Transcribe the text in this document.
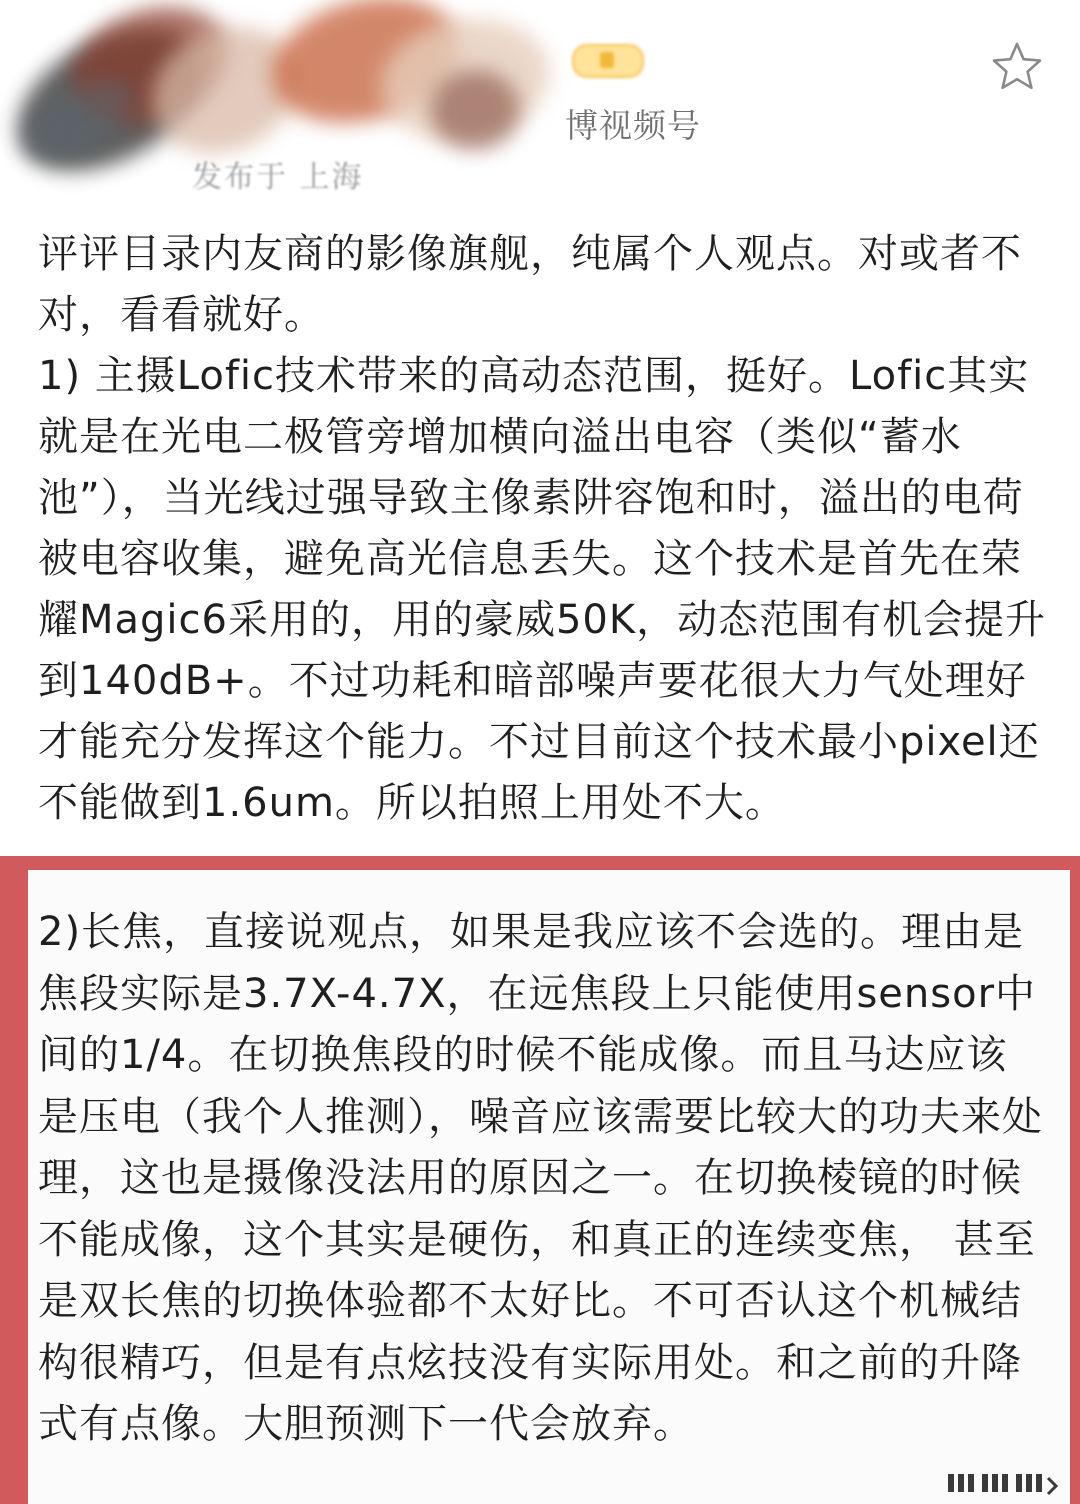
博视频号
发布于 上海

评评目录内友商的影像旗舰，纯属个人观点。对或者不对，看看就好。

1) 主摄Lofic技术带来的高动态范围，挺好。Lofic其实就是在光电二极管旁增加横向溢出电容（类似“蓄水池”），当光线过强导致主像素阱容饱和时，溢出的电荷被电容收集，避免高光信息丢失。这个技术是首先在荣耀Magic6采用的，用的豪威50K，动态范围有机会提升到140dB+。不过功耗和暗部噪声要花很大力气处理好才能充分发挥这个能力。不过目前这个技术最小pixel还不能做到1.6um。所以拍照上用处不大。

2)长焦，直接说观点，如果是我应该不会选的。理由是焦段实际是3.7X-4.7X，在远焦段上只能使用sensor中间的1/4。在切换焦段的时候不能成像。而且马达应该是压电（我个人推测），噪音应该需要比较大的功夫来处理，这也是摄像没法用的原因之一。在切换棱镜的时候不能成像，这个其实是硬伤，和真正的连续变焦， 甚至是双长焦的切换体验都不太好比。不可否认这个机械结构很精巧，但是有点炫技没有实际用处。和之前的升降式有点像。大胆预测下一代会放弃。
